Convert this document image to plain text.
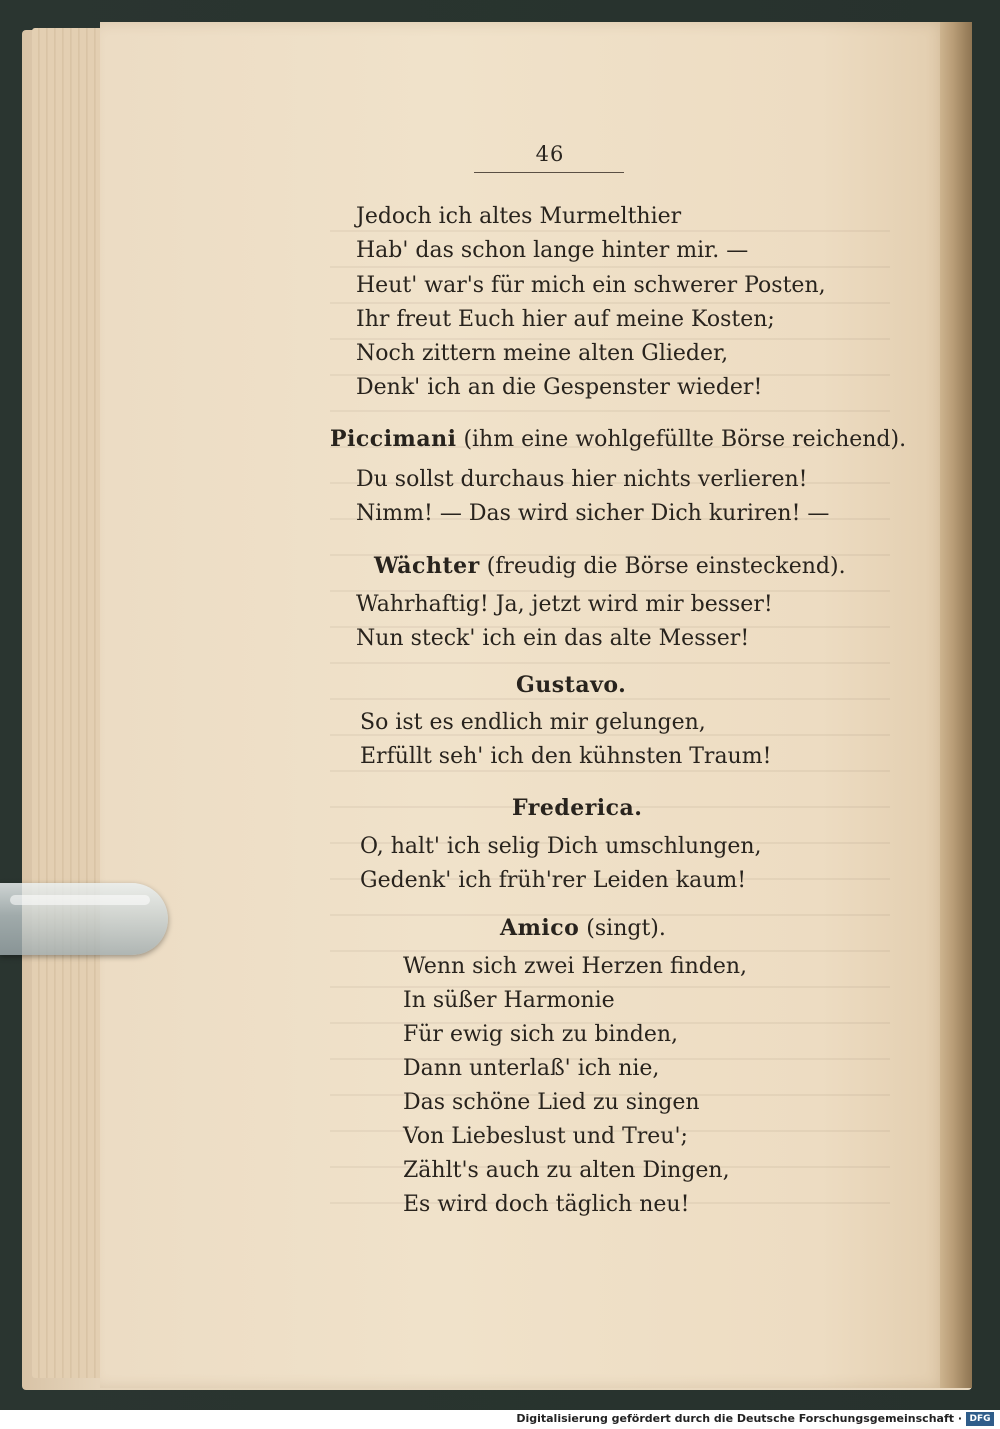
46
Jedoch ich altes Murmelthier
Hab' das schon lange hinter mir. —
Heut' war's für mich ein schwerer Posten,
Ihr freut Euch hier auf meine Kosten;
Noch zittern meine alten Glieder,
Denk' ich an die Gespenster wieder!
Piccimani (ihm eine wohlgefüllte Börse reichend).
Du sollst durchaus hier nichts verlieren!
Nimm! — Das wird sicher Dich kuriren! —
Wächter (freudig die Börse einsteckend).
Wahrhaftig! Ja, jetzt wird mir besser!
Nun steck' ich ein das alte Messer!
Gustavo.
So ist es endlich mir gelungen,
Erfüllt seh' ich den kühnsten Traum!
Frederica.
O, halt' ich selig Dich umschlungen,
Gedenk' ich früh'rer Leiden kaum!
Amico (singt).
Wenn sich zwei Herzen finden,
In süßer Harmonie
Für ewig sich zu binden,
Dann unterlaß' ich nie,
Das schöne Lied zu singen
Von Liebeslust und Treu';
Zählt's auch zu alten Dingen,
Es wird doch täglich neu!
Digitalisierung gefördert durch die Deutsche Forschungsgemeinschaft · DFG
